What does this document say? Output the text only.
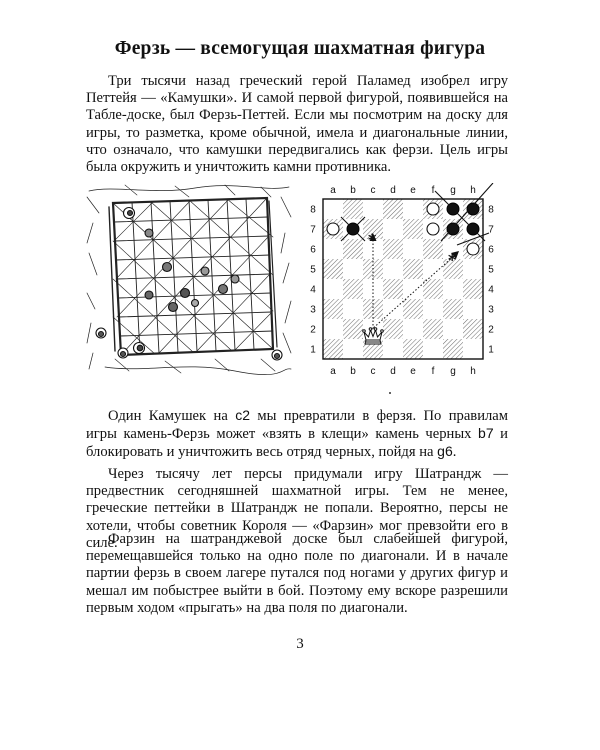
Ферзь — всемогущая шахматная фигура

Три тысячи назад греческий герой Паламед изобрел игру Петтейя — «Камушки». И самой первой фигурой, появившейся на Табле-доске, был Ферзь-Петтей. Если мы посмотрим на доску для игры, то разметка, кроме обычной, имела и диагональные линии, что означало, что камушки передвигались как ферзи. Цель игры была окружить и уничтожить камни противника.

a
a
b
b
c
c
d
d
e
e
f
f
g
g
h
h
8	8
7	7
6	6
5	5
4	4
3	3
2	2
1	1
*
*

Один Камушек на c2 мы превратили в ферзя. По правилам игры камень-Ферзь может «взять в клещи» камень черных b7 и блокировать и уничтожить весь отряд черных, пойдя на g6.

Через тысячу лет персы придумали игру Шатрандж — предвестник сегодняшней шахматной игры. Тем не менее, греческие петтейки в Шатрандж не попали. Вероятно, персы не хотели, чтобы советник Короля — «Фарзин» мог превзойти его в силе.

Фарзин на шатранджевой доске был слабейшей фигурой, перемещавшейся только на одно поле по диагонали. И в начале партии ферзь в своем лагере путался под ногами у других фигур и мешал им побыстрее выйти в бой. Поэтому ему вскоре разрешили первым ходом «прыгать» на два поля по диагонали.

3
